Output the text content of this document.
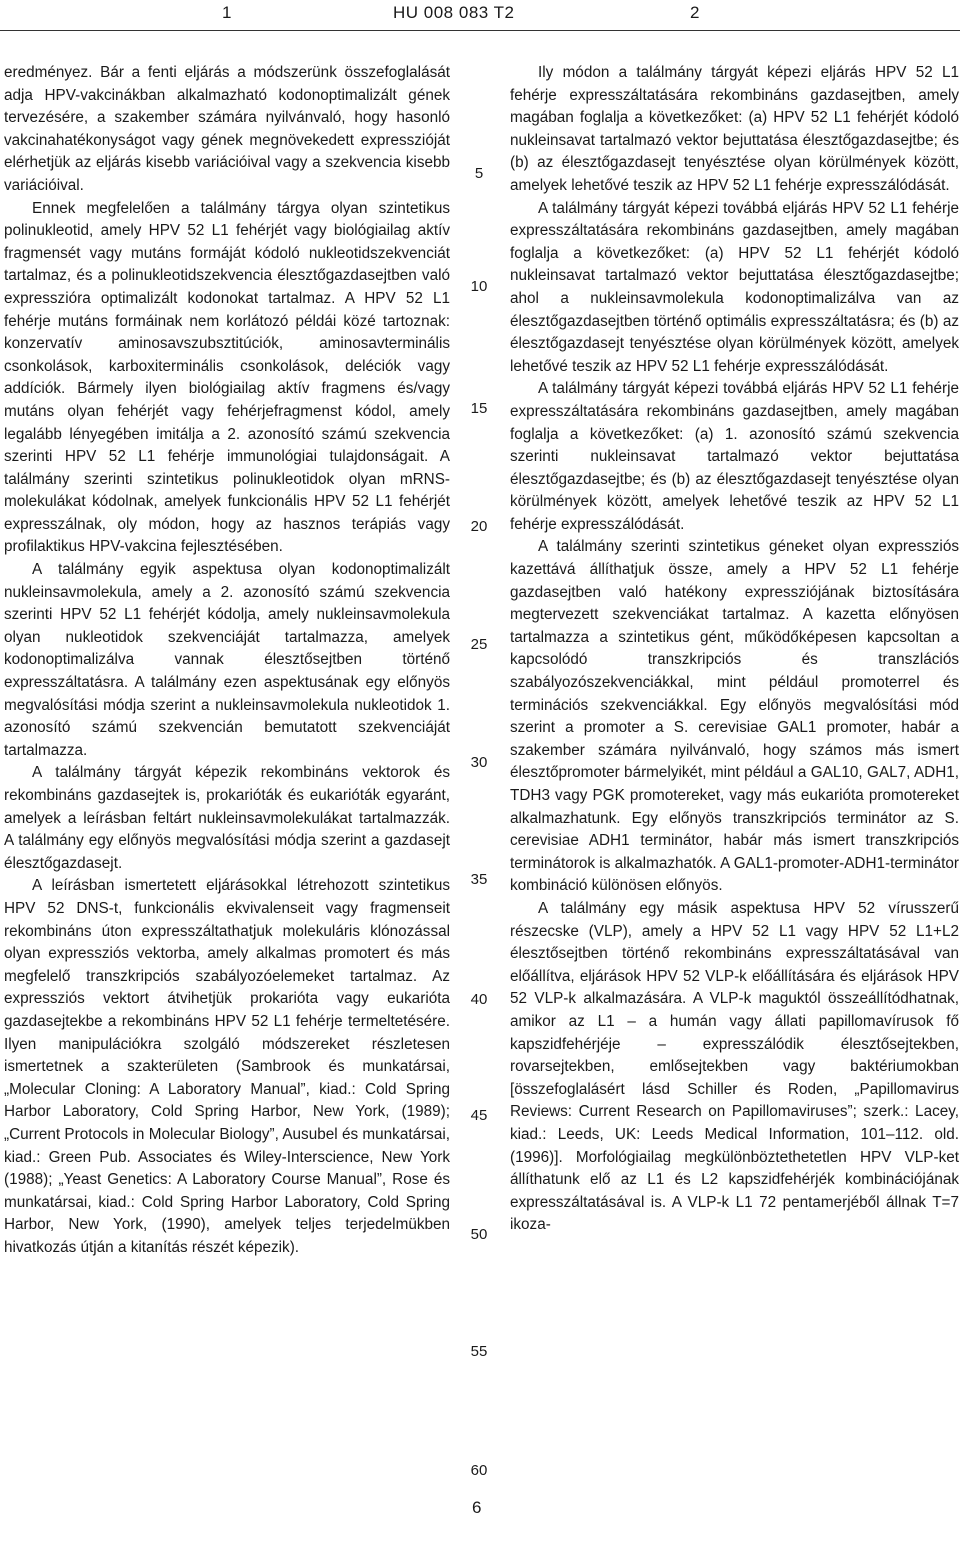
1	HU 008 083 T2	2

eredményez. Bár a fenti eljárás a módszerünk összefoglalását adja HPV-vakcinákban alkalmazható kodonoptimalizált gének tervezésére, a szakember számára nyilvánvaló, hogy hasonló vakcinahatékonyságot vagy gének megnövekedett expresszióját elérhetjük az eljárás kisebb variációival vagy a szekvencia kisebb variációival.

Ennek megfelelően a találmány tárgya olyan szintetikus polinukleotid, amely HPV 52 L1 fehérjét vagy biológiailag aktív fragmensét vagy mutáns formáját kódoló nukleotidszekvenciát tartalmaz, és a polinukleotidszekvencia élesztőgazdasejtben való expresszióra optimalizált kodonokat tartalmaz. A HPV 52 L1 fehérje mutáns formáinak nem korlátozó példái közé tartoznak: konzervatív aminosavszubsztitúciók, aminosavterminális csonkolások, karboxiterminális csonkolások, deléciók vagy addíciók. Bármely ilyen biológiailag aktív fragmens és/vagy mutáns olyan fehérjét vagy fehérjefragmenst kódol, amely legalább lényegében imitálja a 2. azonosító számú szekvencia szerinti HPV 52 L1 fehérje immunológiai tulajdonságait. A találmány szerinti szintetikus polinukleotidok olyan mRNS-molekulákat kódolnak, amelyek funkcionális HPV 52 L1 fehérjét expresszálnak, oly módon, hogy az hasznos terápiás vagy profilaktikus HPV-vakcina fejlesztésében.

A találmány egyik aspektusa olyan kodonoptimalizált nukleinsavmolekula, amely a 2. azonosító számú szekvencia szerinti HPV 52 L1 fehérjét kódolja, amely nukleinsavmolekula olyan nukleotidok szekvenciáját tartalmazza, amelyek kodonoptimalizálva vannak élesztősejtben történő expresszáltatásra. A találmány ezen aspektusának egy előnyös megvalósítási módja szerint a nukleinsavmolekula nukleotidok 1. azonosító számú szekvencián bemutatott szekvenciáját tartalmazza.

A találmány tárgyát képezik rekombináns vektorok és rekombináns gazdasejtek is, prokarióták és eukarióták egyaránt, amelyek a leírásban feltárt nukleinsavmolekulákat tartalmazzák. A találmány egy előnyös megvalósítási módja szerint a gazdasejt élesztőgazdasejt.

A leírásban ismertetett eljárásokkal létrehozott szintetikus HPV 52 DNS-t, funkcionális ekvivalenseit vagy fragmenseit rekombináns úton expresszáltathatjuk molekuláris klónozással olyan expressziós vektorba, amely alkalmas promotert és más megfelelő transzkripciós szabályozóelemeket tartalmaz. Az expressziós vektort átvihetjük prokarióta vagy eukarióta gazdasejtekbe a rekombináns HPV 52 L1 fehérje termeltetésére. Ilyen manipulációkra szolgáló módszereket részletesen ismertetnek a szakterületen (Sambrook és munkatársai, „Molecular Cloning: A Laboratory Manual”, kiad.: Cold Spring Harbor Laboratory, Cold Spring Harbor, New York, (1989); „Current Protocols in Molecular Biology”, Ausubel és munkatársai, kiad.: Green Pub. Associates és Wiley-Interscience, New York (1988); „Yeast Genetics: A Laboratory Course Manual”, Rose és munkatársai, kiad.: Cold Spring Harbor Laboratory, Cold Spring Harbor, New York, (1990), amelyek teljes terjedelmükben hivatkozás útján a kitanítás részét képezik).

Ily módon a találmány tárgyát képezi eljárás HPV 52 L1 fehérje expresszáltatására rekombináns gazdasejtben, amely magában foglalja a következőket: (a) HPV 52 L1 fehérjét kódoló nukleinsavat tartalmazó vektor bejuttatása élesztőgazdasejtbe; és (b) az élesztőgazdasejt tenyésztése olyan körülmények között, amelyek lehetővé teszik az HPV 52 L1 fehérje expresszálódását.

A találmány tárgyát képezi továbbá eljárás HPV 52 L1 fehérje expresszáltatására rekombináns gazdasejtben, amely magában foglalja a következőket: (a) HPV 52 L1 fehérjét kódoló nukleinsavat tartalmazó vektor bejuttatása élesztőgazdasejtbe; ahol a nukleinsavmolekula kodonoptimalizálva van az élesztőgazdasejtben történő optimális expresszáltatásra; és (b) az élesztőgazdasejt tenyésztése olyan körülmények között, amelyek lehetővé teszik az HPV 52 L1 fehérje expresszálódását.

A találmány tárgyát képezi továbbá eljárás HPV 52 L1 fehérje expresszáltatására rekombináns gazdasejtben, amely magában foglalja a következőket: (a) 1. azonosító számú szekvencia szerinti nukleinsavat tartalmazó vektor bejuttatása élesztőgazdasejtbe; és (b) az élesztőgazdasejt tenyésztése olyan körülmények között, amelyek lehetővé teszik az HPV 52 L1 fehérje expresszálódását.

A találmány szerinti szintetikus géneket olyan expressziós kazettává állíthatjuk össze, amely a HPV 52 L1 fehérje gazdasejtben való hatékony expressziójának biztosítására megtervezett szekvenciákat tartalmaz. A kazetta előnyösen tartalmazza a szintetikus gént, működőképesen kapcsoltan a kapcsolódó transzkripciós és transzlációs szabályozószekvenciákkal, mint például promoterrel és terminációs szekvenciákkal. Egy előnyös megvalósítási mód szerint a promoter a S. cerevisiae GAL1 promoter, habár a szakember számára nyilvánvaló, hogy számos más ismert élesztőpromoter bármelyikét, mint például a GAL10, GAL7, ADH1, TDH3 vagy PGK promotereket, vagy más eukarióta promotereket alkalmazhatunk. Egy előnyös transzkripciós terminátor az S. cerevisiae ADH1 terminátor, habár más ismert transzkripciós terminátorok is alkalmazhatók. A GAL1-promoter-ADH1-terminátor kombináció különösen előnyös.

A találmány egy másik aspektusa HPV 52 vírusszerű részecske (VLP), amely a HPV 52 L1 vagy HPV 52 L1+L2 élesztősejtben történő rekombináns expresszáltatásával van előállítva, eljárások HPV 52 VLP-k előállítására és eljárások HPV 52 VLP-k alkalmazására. A VLP-k maguktól összeállítódhatnak, amikor az L1 – a humán vagy állati papillomavírusok fő kapszidfehérjéje – expresszálódik élesztősejtekben, rovarsejtekben, emlősejtekben vagy baktériumokban [összefoglalásért lásd Schiller és Roden, „Papillomavirus Reviews: Current Research on Papillomaviruses”; szerk.: Lacey, kiad.: Leeds, UK: Leeds Medical Information, 101–112. old. (1996)]. Morfológiailag megkülönböztethetetlen HPV VLP-ket állíthatunk elő az L1 és L2 kapszidfehérjék kombinációjának expresszáltatásával is. A VLP-k L1 72 pentamerjéből állnak T=7 ikoza-

5
10
15
20
25
30
35
40
45
50
55
60
6
